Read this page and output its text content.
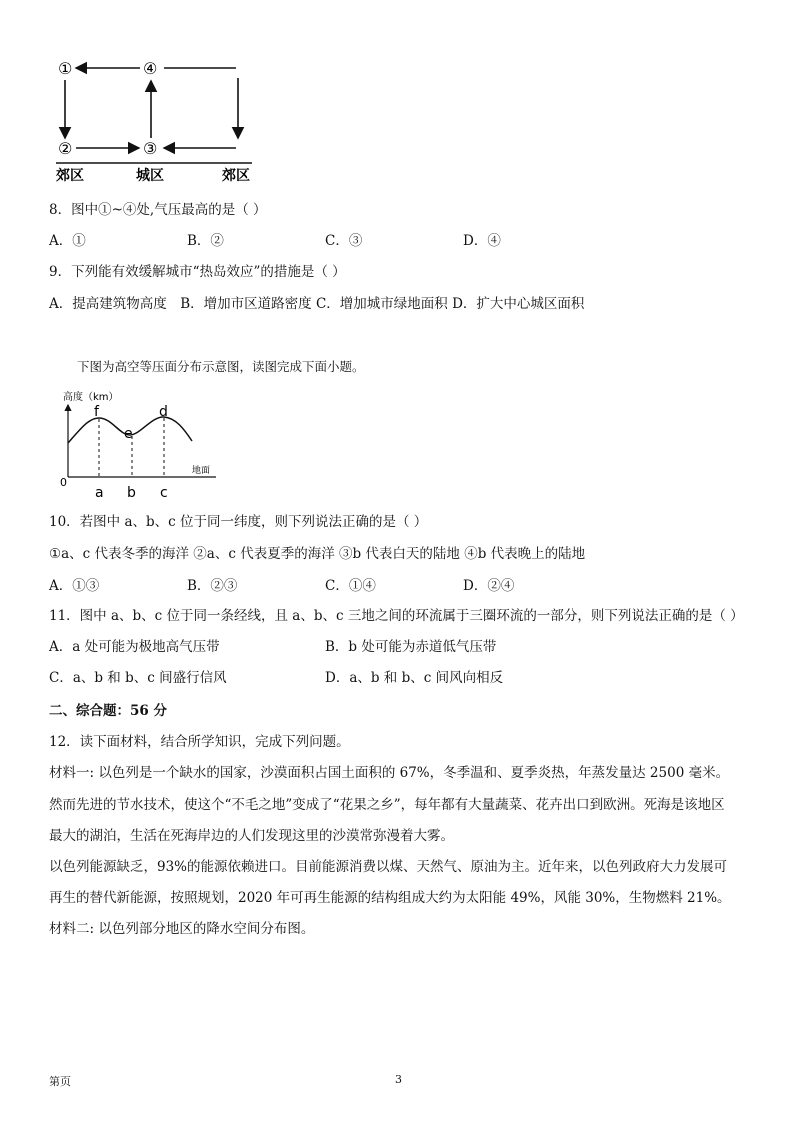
①	④
②	③
郊区	城区	郊区
8．图中①~④处,气压最高的是（ ）
A．①	B．②	C．③	D．④
9．下列能有效缓解城市“热岛效应”的措施是（ ）
A．提高建筑物高度　B．增加市区道路密度 C．增加城市绿地面积 D．扩大中心城区面积
下图为高空等压面分布示意图，读图完成下面小题。
高度（km）
地面
0
f
e
d
a b c
10．若图中 a、b、c 位于同一纬度，则下列说法正确的是（ ）
①a、c 代表冬季的海洋 ②a、c 代表夏季的海洋 ③b 代表白天的陆地 ④b 代表晚上的陆地
A．①③	B．②③	C．①④	D．②④
11．图中 a、b、c 位于同一条经线，且 a、b、c 三地之间的环流属于三圈环流的一部分，则下列说法正确的是（ ）
A．a 处可能为极地高气压带	B．b 处可能为赤道低气压带
C．a、b 和 b、c 间盛行信风	D．a、b 和 b、c 间风向相反
二、综合题：56 分
12．读下面材料，结合所学知识，完成下列问题。
材料一: 以色列是一个缺水的国家，沙漠面积占国土面积的 67%，冬季温和、夏季炎热，年蒸发量达 2500 毫米。
然而先进的节水技术，使这个“不毛之地”变成了“花果之乡”，每年都有大量蔬菜、花卉出口到欧洲。死海是该地区
最大的湖泊，生活在死海岸边的人们发现这里的沙漠常弥漫着大雾。
以色列能源缺乏，93%的能源依赖进口。目前能源消费以煤、天然气、原油为主。近年来，以色列政府大力发展可
再生的替代新能源，按照规划，2020 年可再生能源的结构组成大约为太阳能 49%，风能 30%，生物燃料 21%。
材料二: 以色列部分地区的降水空间分布图。
第页	3
